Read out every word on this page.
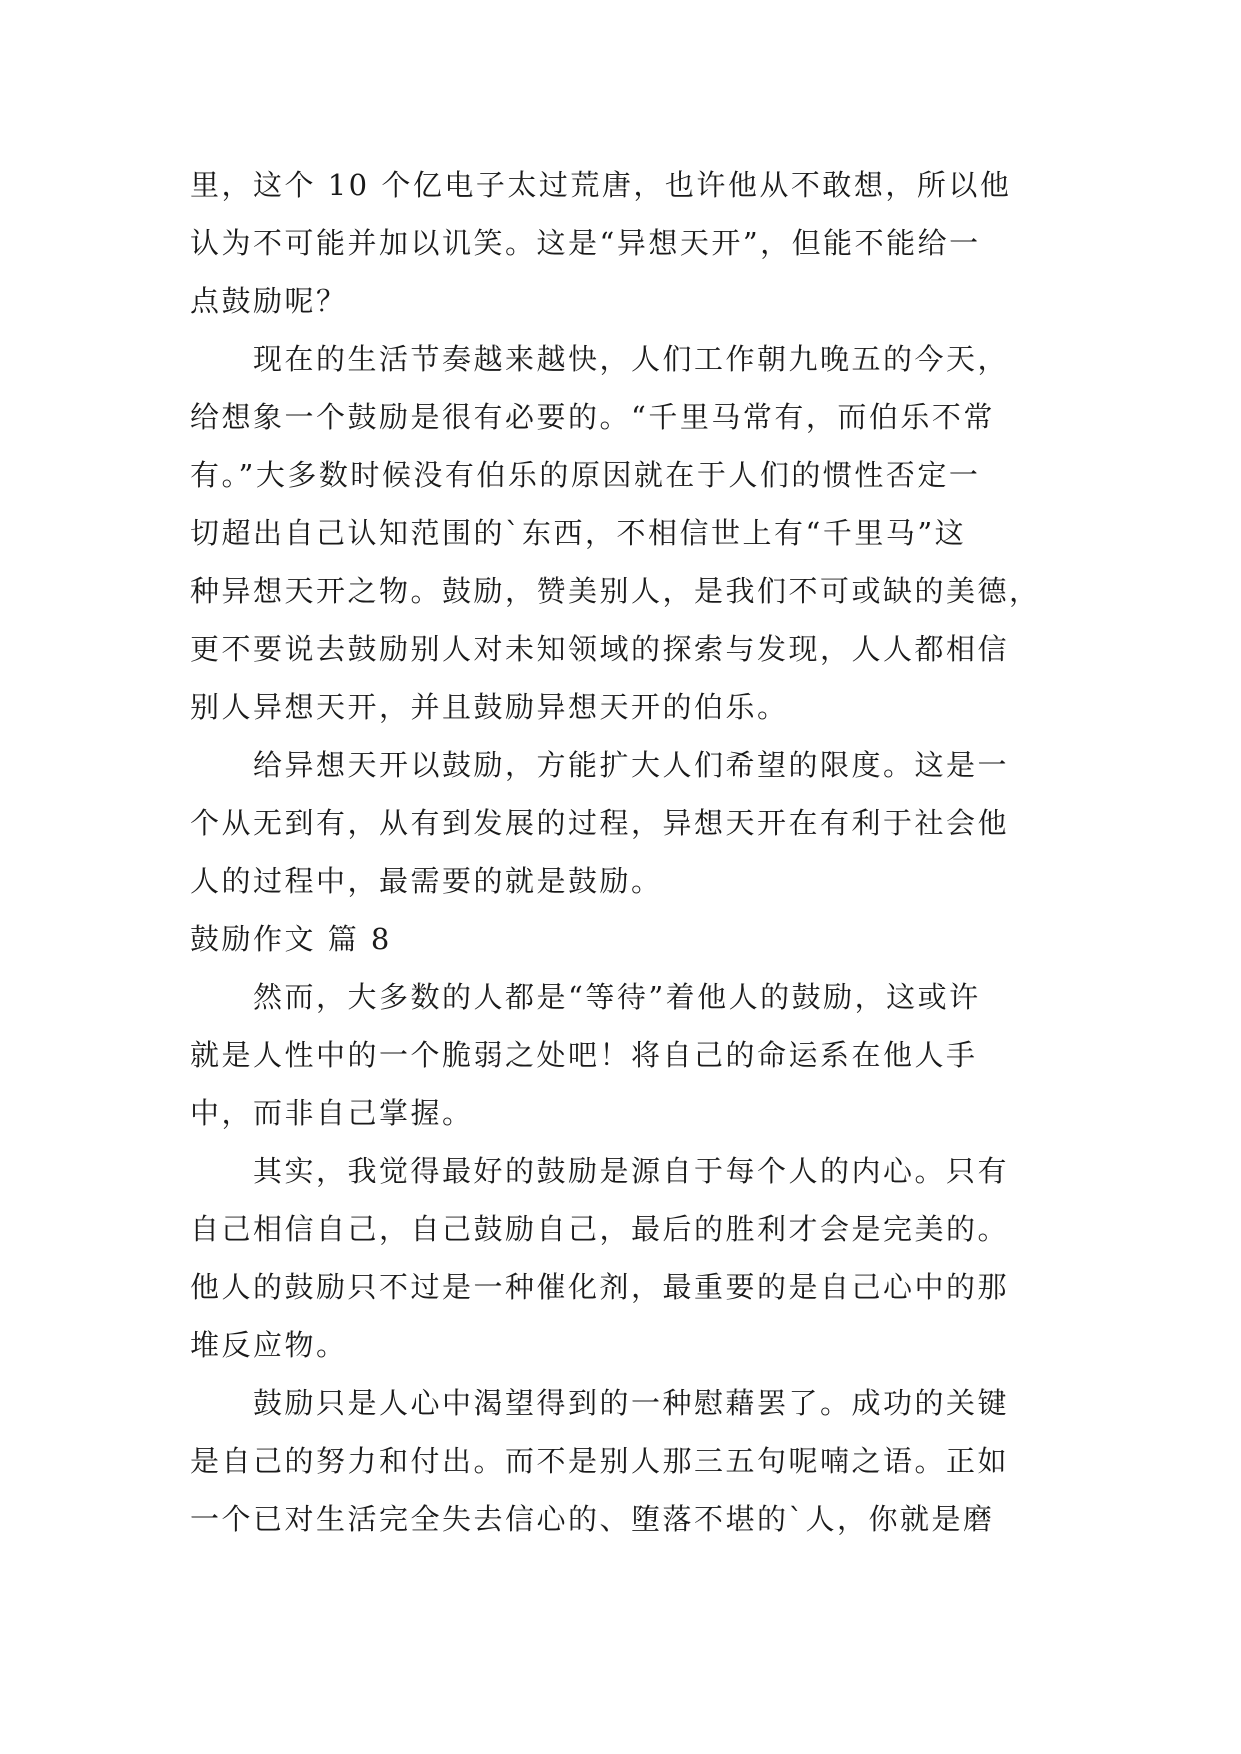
里，这个 10 个亿电子太过荒唐，也许他从不敢想，所以他
认为不可能并加以讥笑。这是“异想天开”，但能不能给一
点鼓励呢？
　　现在的生活节奏越来越快，人们工作朝九晚五的今天，
给想象一个鼓励是很有必要的。“千里马常有，而伯乐不常
有。”大多数时候没有伯乐的原因就在于人们的惯性否定一
切超出自己认知范围的`东西，不相信世上有“千里马”这
种异想天开之物。鼓励，赞美别人，是我们不可或缺的美德，
更不要说去鼓励别人对未知领域的探索与发现，人人都相信
别人异想天开，并且鼓励异想天开的伯乐。
　　给异想天开以鼓励，方能扩大人们希望的限度。这是一
个从无到有，从有到发展的过程，异想天开在有利于社会他
人的过程中，最需要的就是鼓励。
鼓励作文 篇 8
　　然而，大多数的人都是“等待”着他人的鼓励，这或许
就是人性中的一个脆弱之处吧！将自己的命运系在他人手
中，而非自己掌握。
　　其实，我觉得最好的鼓励是源自于每个人的内心。只有
自己相信自己，自己鼓励自己，最后的胜利才会是完美的。
他人的鼓励只不过是一种催化剂，最重要的是自己心中的那
堆反应物。
　　鼓励只是人心中渴望得到的一种慰藉罢了。成功的关键
是自己的努力和付出。而不是别人那三五句呢喃之语。正如
一个已对生活完全失去信心的、堕落不堪的`人，你就是磨
